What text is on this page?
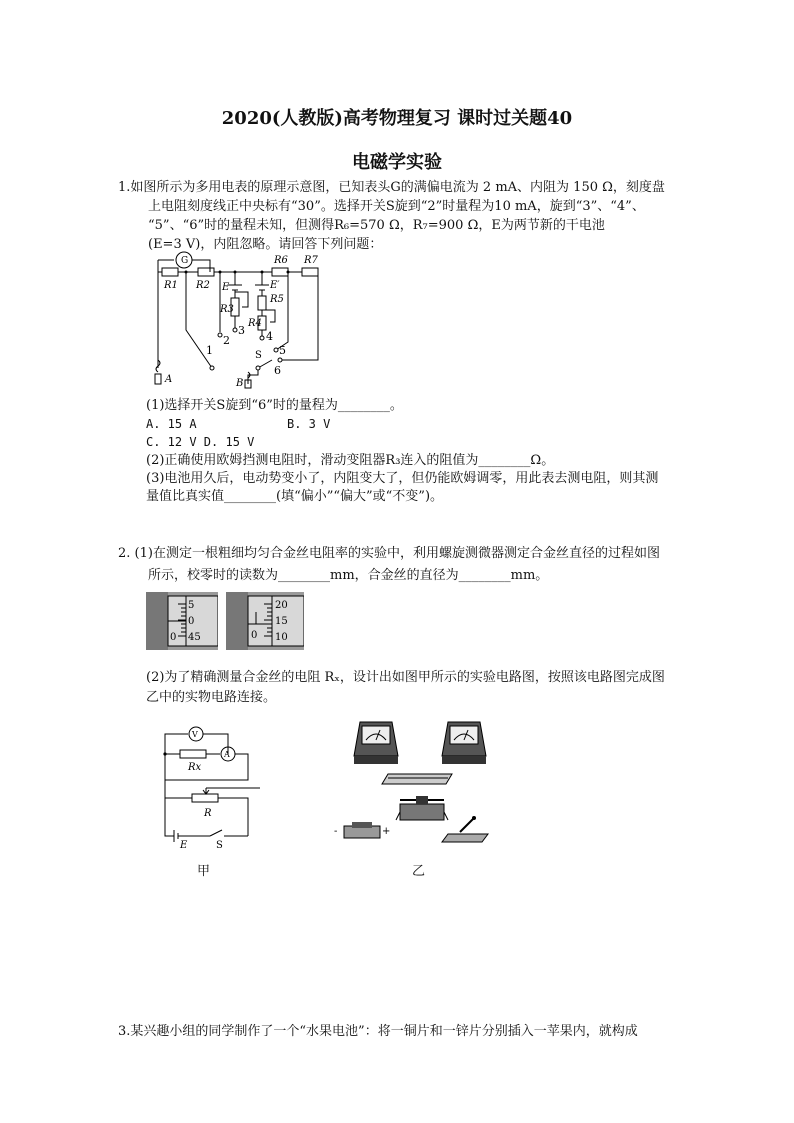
2020(人教版)高考物理复习 课时过关题40
电磁学实验
1.如图所示为多用电表的原理示意图，已知表头G的满偏电流为 2 mA、内阻为 150 Ω，刻度盘
上电阻刻度线正中央标有“30”。选择开关S旋到“2”时量程为10 mA，旋到“3”、“4”、
“5”、“6”时的量程未知，但测得R₆=570 Ω，R₇=900 Ω，E为两节新的干电池
(E=3 V)，内阻忽略。请回答下列问题：
G
R1 R2
R6 R7
E	E′
R3
R4
R5
S
A	B
1
2
3 4
5
6
(1)选择开关S旋到“6”时的量程为________。
A. 15 A	B. 3 V
C. 12 V D. 15 V
(2)正确使用欧姆挡测电阻时，滑动变阻器R₃连入的阻值为________Ω。
(3)电池用久后，电动势变小了，内阻变大了，但仍能欧姆调零，用此表去测电阻，则其测
量值比真实值________(填“偏小”“偏大”或“不变”)。
2. (1)在测定一根粗细均匀合金丝电阻率的实验中，利用螺旋测微器测定合金丝直径的过程如图
所示，校零时的读数为________mm，合金丝的直径为________mm。
5
0
45
0
20
15
10
0
(2)为了精确测量合金丝的电阻 Rₓ，设计出如图甲所示的实验电路图，按照该电路图完成图
乙中的实物电路连接。
V
A
Rx
R
E	S
甲
-	+
乙
3.某兴趣小组的同学制作了一个“水果电池”：将一铜片和一锌片分别插入一苹果内，就构成
